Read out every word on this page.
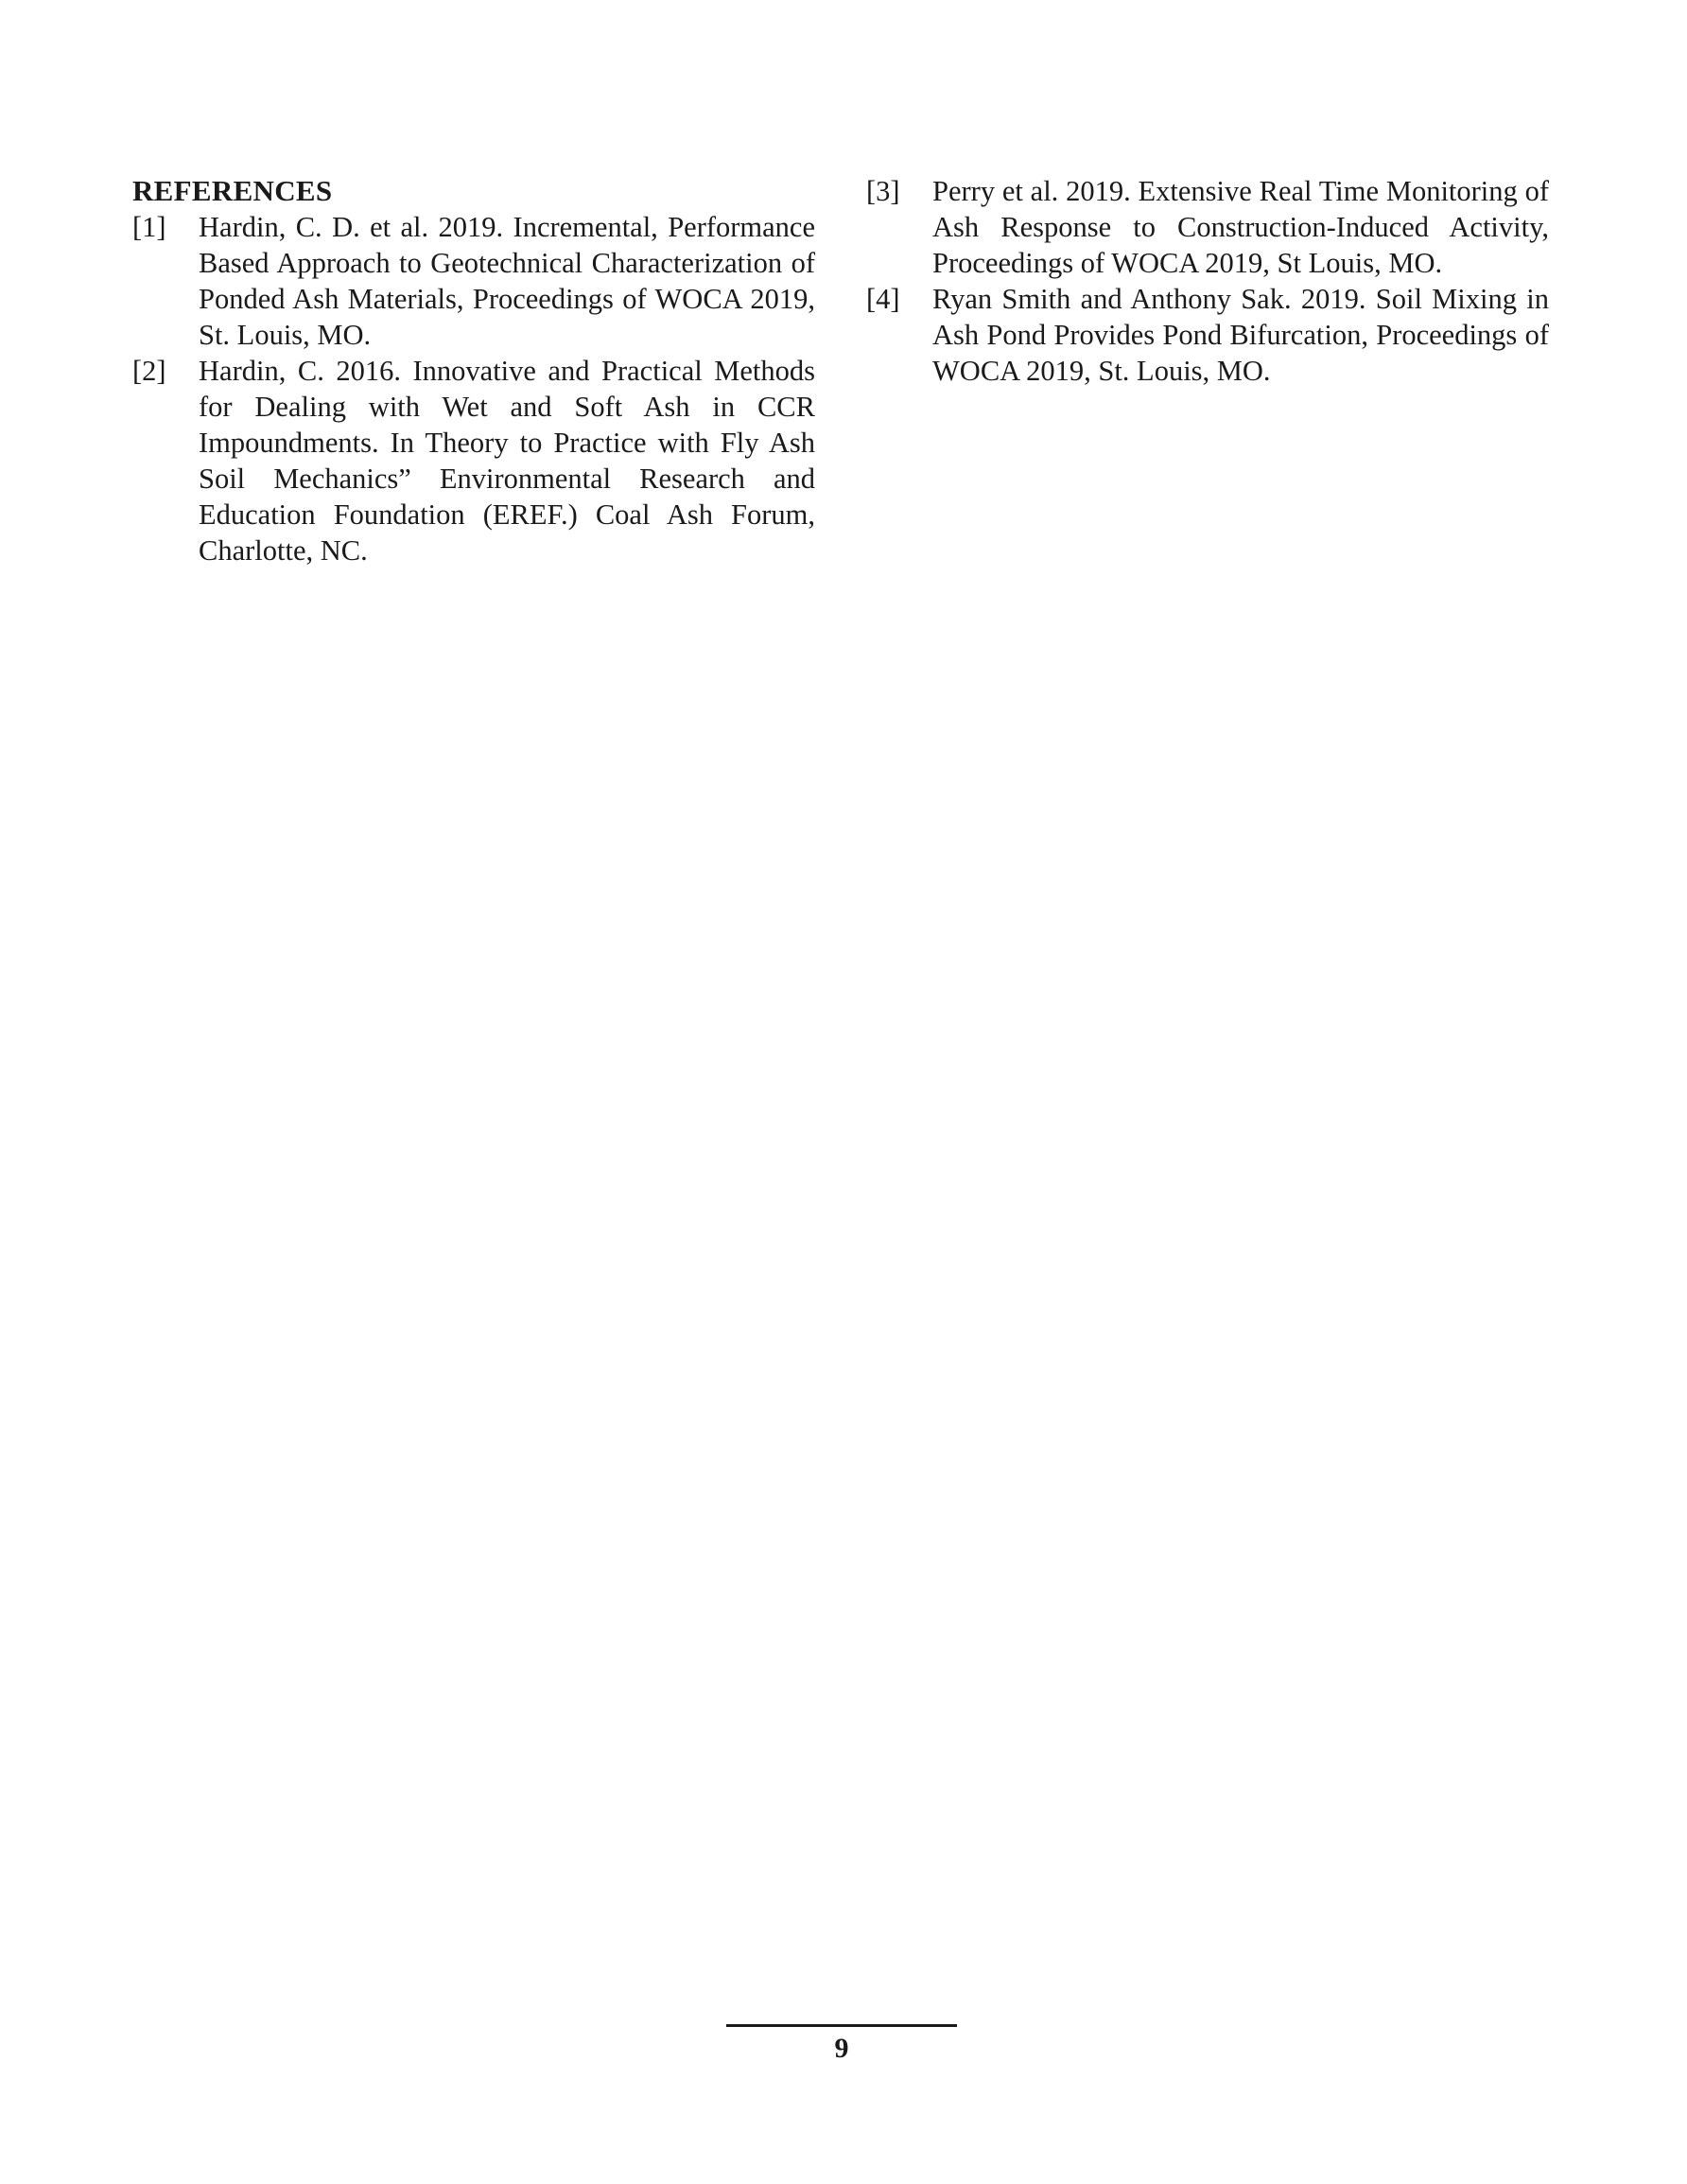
REFERENCES
[1]	Hardin, C. D. et al. 2019. Incremental, Performance Based Approach to Geotechnical Characterization of Ponded Ash Materials, Proceedings of WOCA 2019, St. Louis, MO.
[2]	Hardin, C. 2016. Innovative and Practical Methods for Dealing with Wet and Soft Ash in CCR Impoundments. In Theory to Practice with Fly Ash Soil Mechanics” Environmental Research and Education Foundation (EREF.) Coal Ash Forum, Charlotte, NC.
[3]	Perry et al. 2019. Extensive Real Time Monitoring of Ash Response to Construction-Induced Activity, Proceedings of WOCA 2019, St Louis, MO.
[4]	Ryan Smith and Anthony Sak. 2019. Soil Mixing in Ash Pond Provides Pond Bifurcation, Proceedings of WOCA 2019, St. Louis, MO.
9
